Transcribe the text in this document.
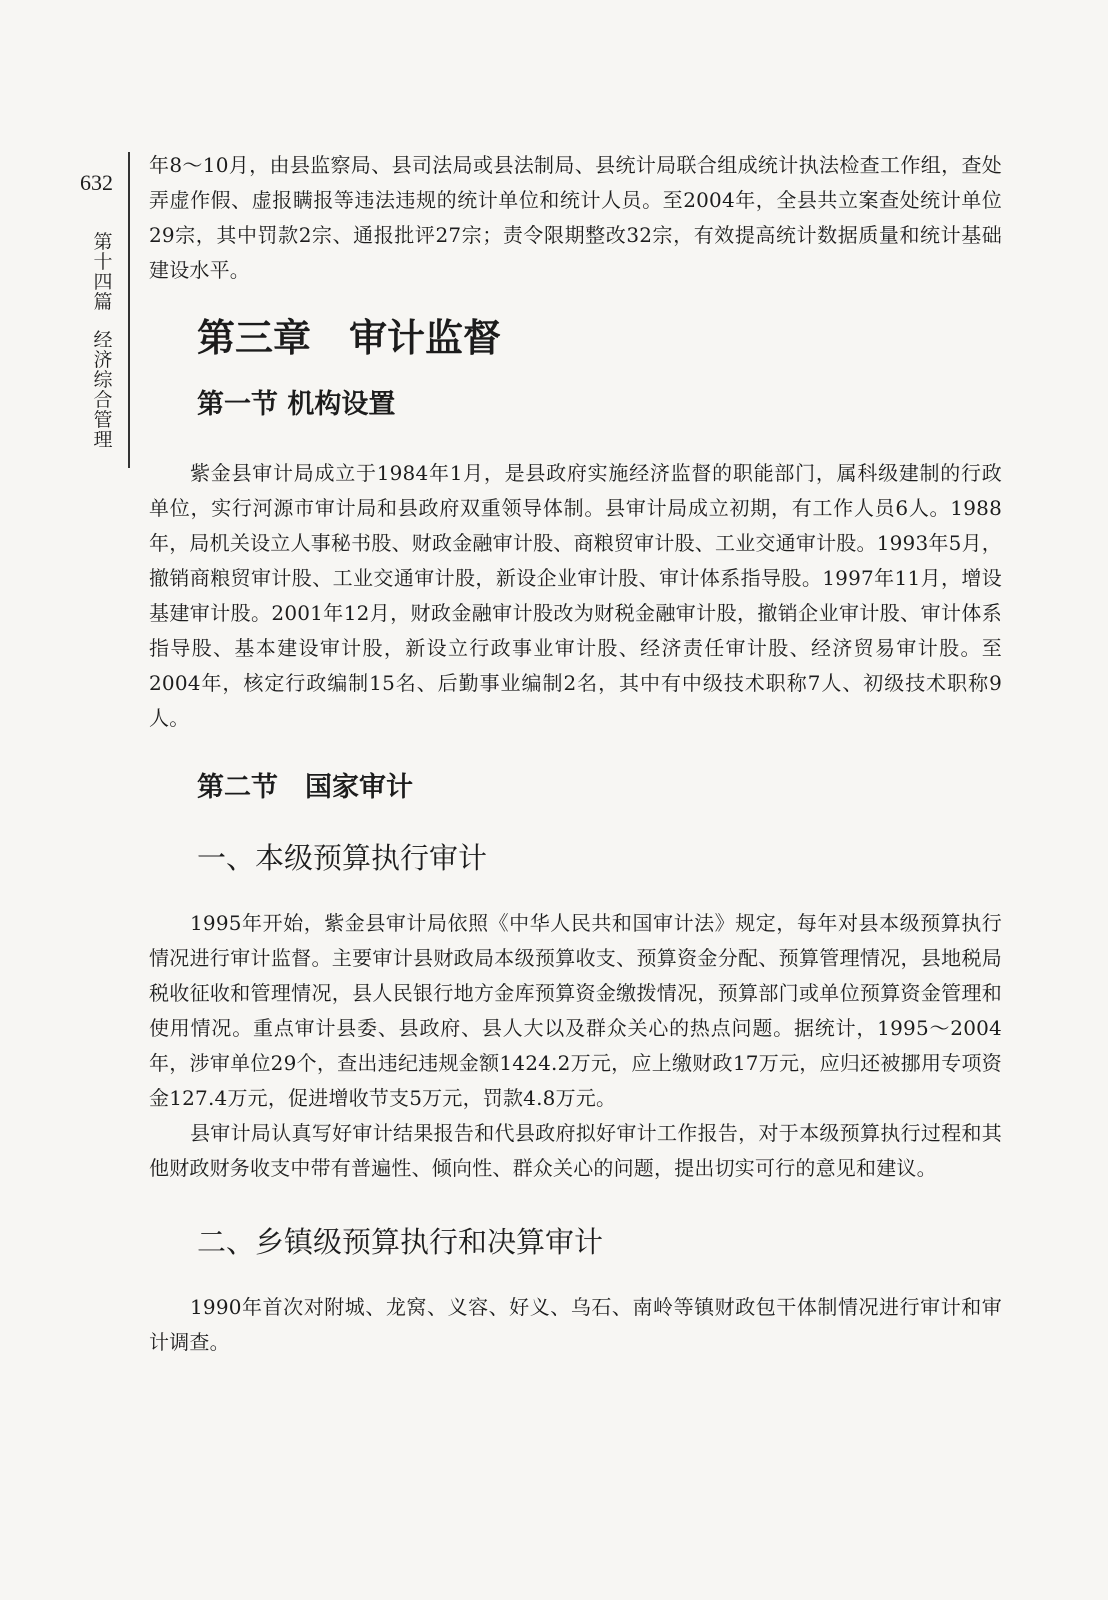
632
第十四篇
经济综合管理

年8～10月，由县监察局、县司法局或县法制局、县统计局联合组成统计执法检查工作组，查处弄虚作假、虚报瞒报等违法违规的统计单位和统计人员。至2004年，全县共立案查处统计单位29宗，其中罚款2宗、通报批评27宗；责令限期整改32宗，有效提高统计数据质量和统计基础建设水平。

第三章　审计监督
第一节 机构设置

紫金县审计局成立于1984年1月，是县政府实施经济监督的职能部门，属科级建制的行政单位，实行河源市审计局和县政府双重领导体制。县审计局成立初期，有工作人员6人。1988年，局机关设立人事秘书股、财政金融审计股、商粮贸审计股、工业交通审计股。1993年5月，撤销商粮贸审计股、工业交通审计股，新设企业审计股、审计体系指导股。1997年11月，增设基建审计股。2001年12月，财政金融审计股改为财税金融审计股，撤销企业审计股、审计体系指导股、基本建设审计股，新设立行政事业审计股、经济责任审计股、经济贸易审计股。至2004年，核定行政编制15名、后勤事业编制2名，其中有中级技术职称7人、初级技术职称9人。

第二节　国家审计
一、本级预算执行审计

1995年开始，紫金县审计局依照《中华人民共和国审计法》规定，每年对县本级预算执行情况进行审计监督。主要审计县财政局本级预算收支、预算资金分配、预算管理情况，县地税局税收征收和管理情况，县人民银行地方金库预算资金缴拨情况，预算部门或单位预算资金管理和使用情况。重点审计县委、县政府、县人大以及群众关心的热点问题。据统计，1995～2004年，涉审单位29个，查出违纪违规金额1424.2万元，应上缴财政17万元，应归还被挪用专项资金127.4万元，促进增收节支5万元，罚款4.8万元。

县审计局认真写好审计结果报告和代县政府拟好审计工作报告，对于本级预算执行过程和其他财政财务收支中带有普遍性、倾向性、群众关心的问题，提出切实可行的意见和建议。

二、乡镇级预算执行和决算审计

1990年首次对附城、龙窝、义容、好义、乌石、南岭等镇财政包干体制情况进行审计和审计调查。
